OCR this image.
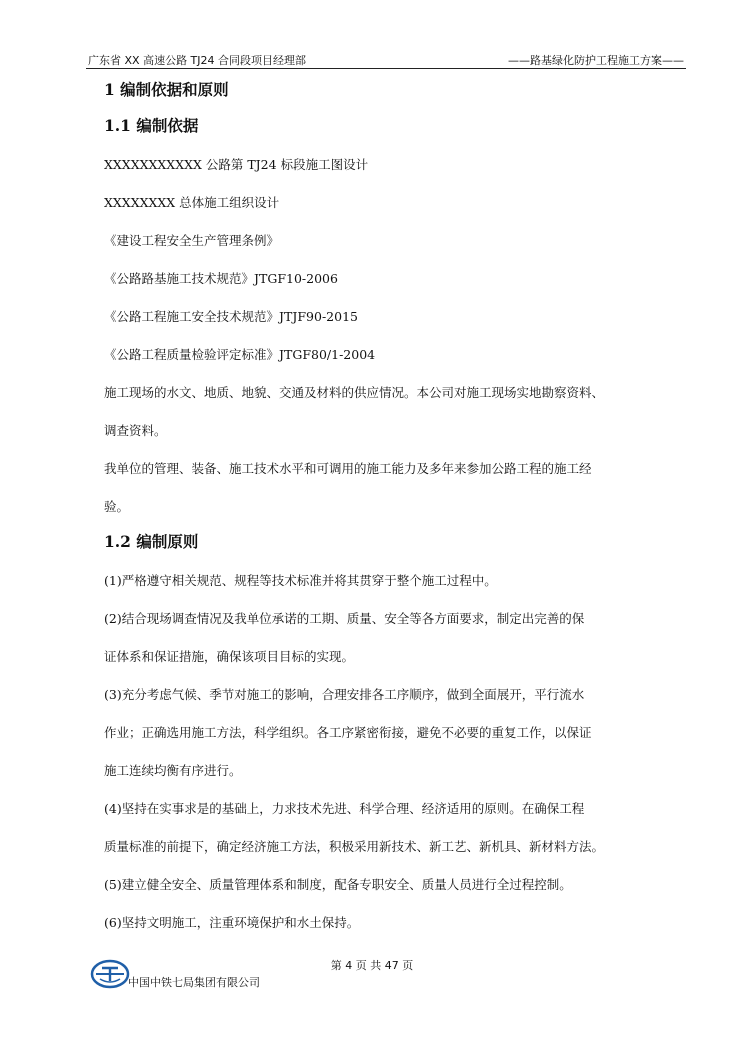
广东省 XX 高速公路 TJ24 合同段项目经理部	——路基绿化防护工程施工方案——
1 编制依据和原则
1.1 编制依据

XXXXXXXXXXX 公路第 TJ24 标段施工图设计

XXXXXXXX 总体施工组织设计

《建设工程安全生产管理条例》

《公路路基施工技术规范》JTGF10-2006

《公路工程施工安全技术规范》JTJF90-2015

《公路工程质量检验评定标准》JTGF80/1-2004

施工现场的水文、地质、地貌、交通及材料的供应情况。本公司对施工现场实地勘察资料、

调查资料。

我单位的管理、装备、施工技术水平和可调用的施工能力及多年来参加公路工程的施工经

验。

1.2 编制原则

(1)严格遵守相关规范、规程等技术标准并将其贯穿于整个施工过程中。

(2)结合现场调查情况及我单位承诺的工期、质量、安全等各方面要求，制定出完善的保

证体系和保证措施，确保该项目目标的实现。

(3)充分考虑气候、季节对施工的影响，合理安排各工序顺序，做到全面展开，平行流水

作业；正确选用施工方法，科学组织。各工序紧密衔接，避免不必要的重复工作，以保证

施工连续均衡有序进行。

(4)坚持在实事求是的基础上，力求技术先进、科学合理、经济适用的原则。在确保工程

质量标准的前提下，确定经济施工方法，积极采用新技术、新工艺、新机具、新材料方法。

(5)建立健全安全、质量管理体系和制度，配备专职安全、质量人员进行全过程控制。

(6)坚持文明施工，注重环境保护和水土保持。

第 4 页 共 47 页
中国中铁七局集团有限公司
